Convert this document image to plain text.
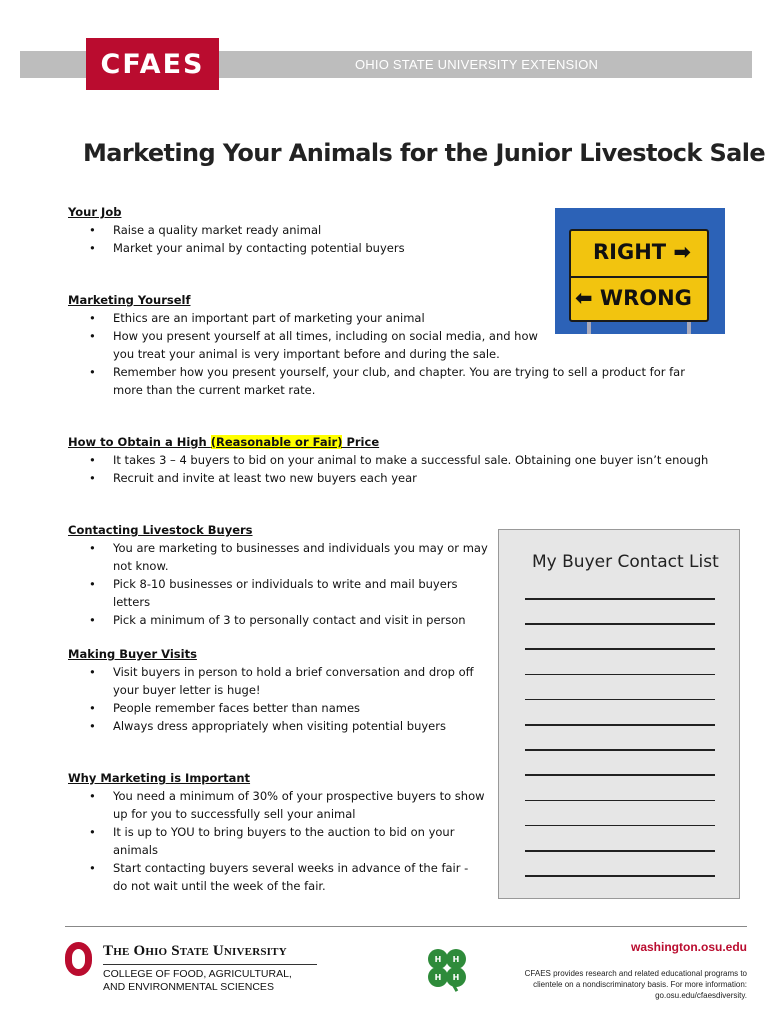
OHIO STATE UNIVERSITY EXTENSION
CFAES
Marketing Your Animals for the Junior Livestock Sale
Your Job
• Raise a quality market ready animal
• Market your animal by contacting potential buyers
Marketing Yourself
• Ethics are an important part of marketing your animal
• How you present yourself at all times, including on social media, and how you treat your animal is very important before and during the sale.
• Remember how you present yourself, your club, and chapter. You are trying to sell a product for far more than the current market rate.
RIGHT ➡
⬅ WRONG
How to Obtain a High (Reasonable or Fair) Price
• It takes 3 – 4 buyers to bid on your animal to make a successful sale. Obtaining one buyer isn’t enough
• Recruit and invite at least two new buyers each year
Contacting Livestock Buyers
• You are marketing to businesses and individuals you may or may not know.
• Pick 8-10 businesses or individuals to write and mail buyers letters
• Pick a minimum of 3 to personally contact and visit in person
Making Buyer Visits
• Visit buyers in person to hold a brief conversation and drop off your buyer letter is huge!
• People remember faces better than names
• Always dress appropriately when visiting potential buyers
Why Marketing is Important
• You need a minimum of 30% of your prospective buyers to show up for you to successfully sell your animal
• It is up to YOU to bring buyers to the auction to bid on your animals
• Start contacting buyers several weeks in advance of the fair - do not wait until the week of the fair.
My Buyer Contact List
The Ohio State University
COLLEGE OF FOOD, AGRICULTURAL,
AND ENVIRONMENTAL SCIENCES
H H
H H
washington.osu.edu
CFAES provides research and related educational programs to clientele on a nondiscriminatory basis. For more information: go.osu.edu/cfaesdiversity.
